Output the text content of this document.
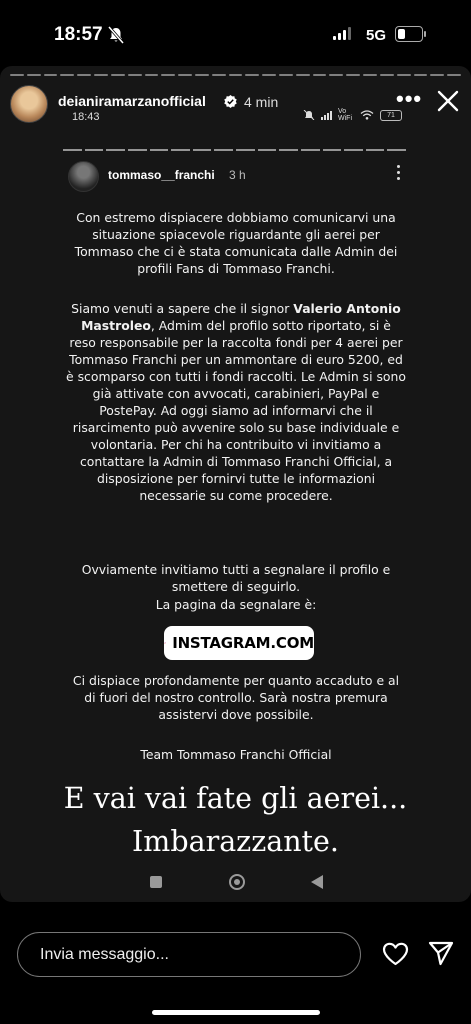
18:57	5G
deianiramarzanofficial	4 min
18:43	Vo WiFi	71
•••
tommaso__franchi 3 h
Con estremo dispiacere dobbiamo comunicarvi una situazione spiacevole riguardante gli aerei per Tommaso che ci è stata comunicata dalle Admin dei profili Fans di Tommaso Franchi.
Siamo venuti a sapere che il signor Valerio Antonio Mastroleo, Admim del profilo sotto riportato, si è reso responsabile per la raccolta fondi per 4 aerei per Tommaso Franchi per un ammontare di euro 5200, ed è scomparso con tutti i fondi raccolti. Le Admin si sono già attivate con avvocati, carabinieri, PayPal e PostePay. Ad oggi siamo ad informarvi che il risarcimento può avvenire solo su base individuale e volontaria. Per chi ha contribuito vi invitiamo a contattare la Admin di Tommaso Franchi Official, a disposizione per fornirvi tutte le informazioni necessarie su come procedere.
Ovviamente invitiamo tutti a segnalare il profilo e smettere di seguirlo.
La pagina da segnalare è:
INSTAGRAM.COM
Ci dispiace profondamente per quanto accaduto e al di fuori del nostro controllo. Sarà nostra premura assistervi dove possibile.
Team Tommaso Franchi Official
E vai vai fate gli aerei...
Imbarazzante.
Invia messaggio...
